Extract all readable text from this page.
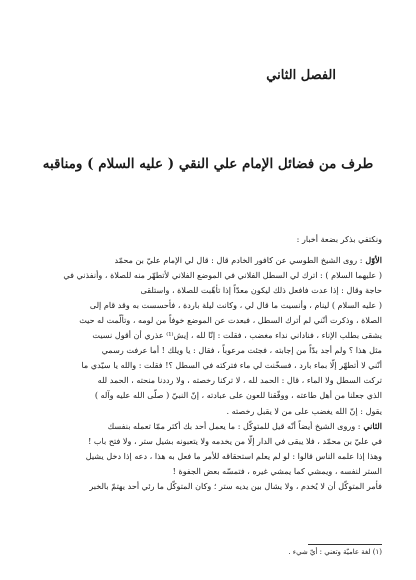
الفصل الثاني
طرف من فضائل الإمام علي النقي ( عليه السلام ) ومناقبه
ونكتفي بذكر بضعة أخبار :
الأوّل : روى الشيخ الطوسي عن كافور الخادم قال : قال لي الإمام عليّ بن محمّد
( عليهما السلام ) : اترك لي السطل الفلاني في الموضع الفلاني لأتطهّر منه للصلاة ، وأنفذني في
حاجة وقال : إذا عدت فافعل ذلك ليكون معدّاً إذا تأهّبت للصلاة ، واستلقى
( عليه السلام ) لينام ، وأنسيت ما قال لي ، وكانت ليلة باردة ، فأحسست به وقد قام إلى
الصلاة ، وذكرت أنّني لم أترك السطل ، فبعدت عن الموضع خوفاً من لومه ، وتألّمت له حيث
يشقى بطلب الإناء ، فناداني نداء مغضب ، فقلت : إنّا لله ، إيش⁽¹⁾ عذري أن أقول نسيت
مثل هذا ؟ ولم أجد بدّاً من إجابته ، فجئت مرعوباً ، فقال : يا ويلك ! أما عرفت رسمي
أنّني لا أتطهّر إلّا بماء بارد ، فسخّنت لي ماء فتركته في السطل ؟! فقلت : والله يا سيّدي ما
تركت السطل ولا الماء ، قال : الحمد لله ، لا تركنا رخصته ، ولا رددنا منحته ، الحمد لله
الذي جعلنا من أهل طاعته ، ووفّقنا للعون على عبادته ، إنّ النبيّ ( صلّى الله عليه وآله )
يقول : إنّ الله يغضب على من لا يقبل رخصته .
الثاني : وروى الشيخ أيضاً أنّه قيل للمتوكّل : ما يعمل أحد بك أكثر ممّا تعمله بنفسك
في عليّ بن محمّد ، فلا يبقى في الدار إلّا من يخدمه ولا يتعبونه بشيل ستر ، ولا فتح باب !
وهذا إذا علمه الناس قالوا : لو لم يعلم استحقاقه للأمر ما فعل به هذا ، دعه إذا دخل يشيل
الستر لنفسه ، ويمشي كما يمشي غيره ، فتمسّه بعض الجفوة !
فأمر المتوكّل أن لا يُخدم ، ولا يشال بين يديه ستر ؛ وكان المتوكّل ما رئي أحد يهتمّ بالخبر
(١) لغة عاميّة وتعني : أيّ شيء .
